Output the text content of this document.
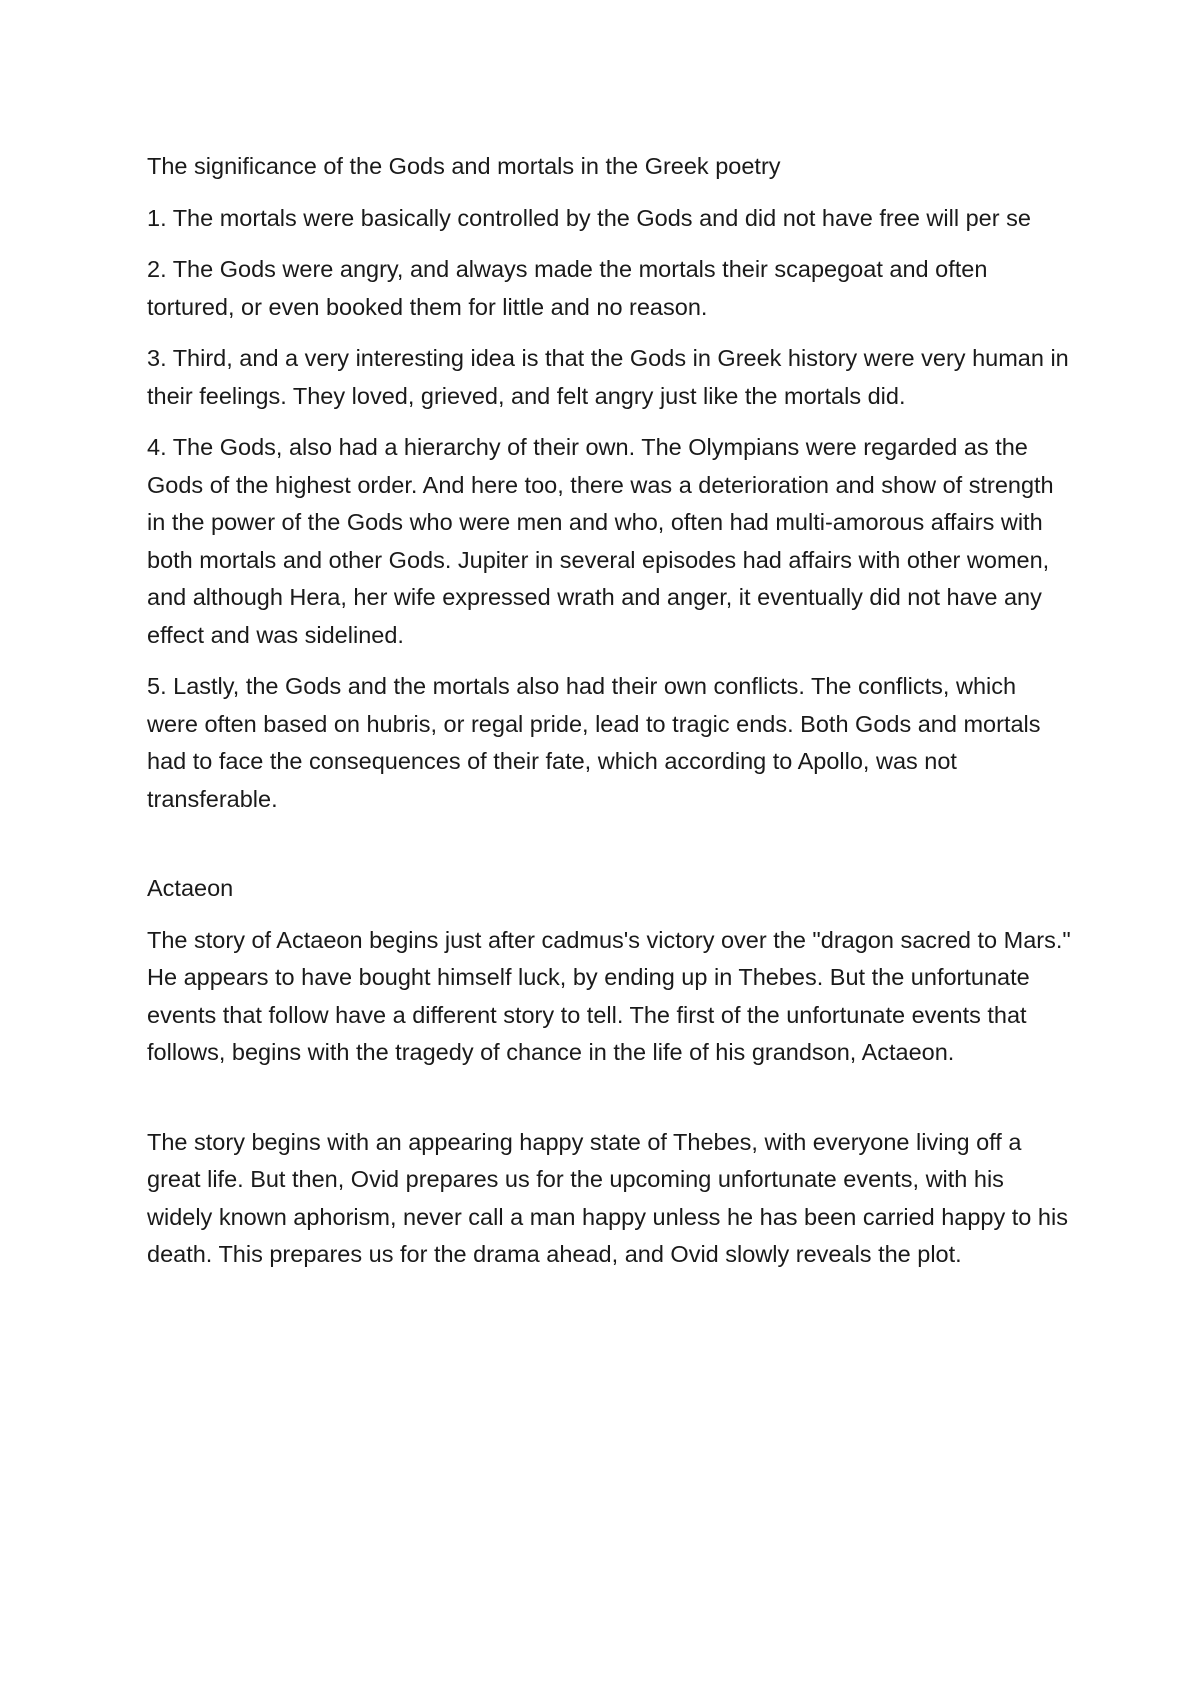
The significance of the Gods and mortals in the Greek poetry

1. The mortals were basically controlled by the Gods and did not have free will per se

2. The Gods were angry, and always made the mortals their scapegoat and often tortured, or even booked them for little and no reason.

3. Third, and a very interesting idea is that the Gods in Greek history were very human in their feelings. They loved, grieved, and felt angry just like the mortals did.

4. The Gods, also had a hierarchy of their own. The Olympians were regarded as the Gods of the highest order. And here too, there was a deterioration and show of strength in the power of the Gods who were men and who, often had multi-amorous affairs with both mortals and other Gods. Jupiter in several episodes had affairs with other women, and although Hera, her wife expressed wrath and anger, it eventually did not have any effect and was sidelined.

5. Lastly, the Gods and the mortals also had their own conflicts. The conflicts, which were often based on hubris, or regal pride, lead to tragic ends. Both Gods and mortals had to face the consequences of their fate, which according to Apollo, was not transferable.

Actaeon

The story of Actaeon begins just after cadmus's victory over the "dragon sacred to Mars." He appears to have bought himself luck, by ending up in Thebes. But the unfortunate events that follow have a different story to tell. The first of the unfortunate events that follows, begins with the tragedy of chance in the life of his grandson, Actaeon.

The story begins with an appearing happy state of Thebes, with everyone living off a great life. But then, Ovid prepares us for the upcoming unfortunate events, with his widely known aphorism, never call a man happy unless he has been carried happy to his death. This prepares us for the drama ahead, and Ovid slowly reveals the plot.
